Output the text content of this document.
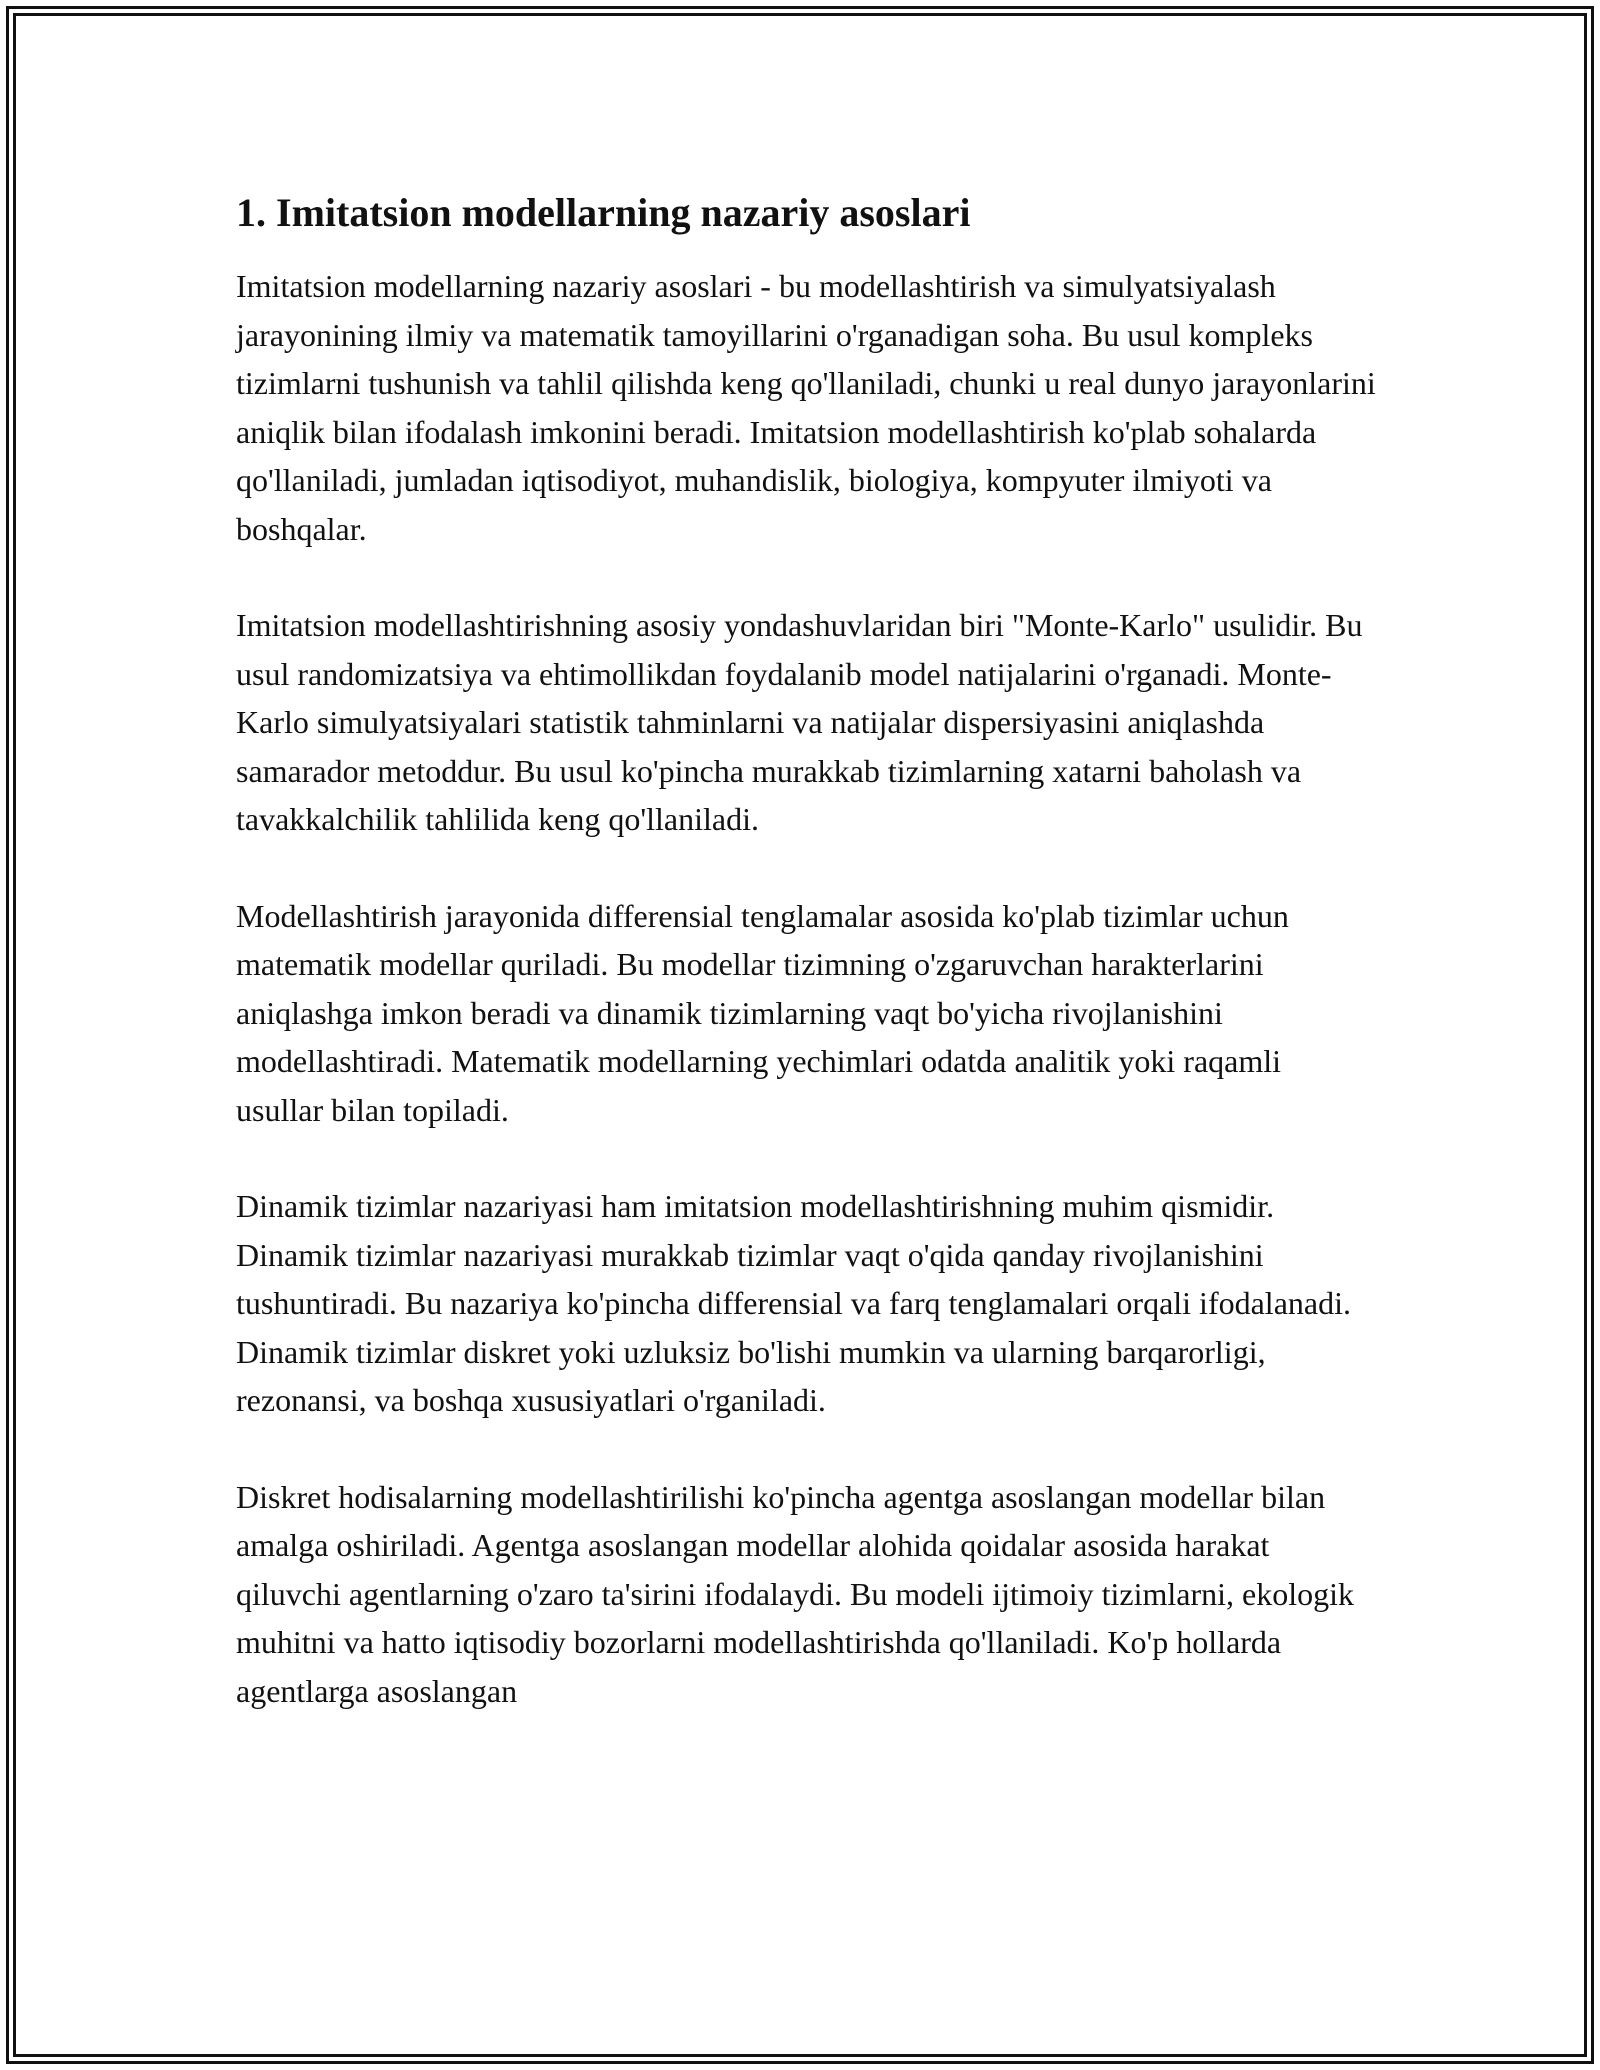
1. Imitatsion modellarning nazariy asoslari

Imitatsion modellarning nazariy asoslari - bu modellashtirish va simulyatsiyalash jarayonining ilmiy va matematik tamoyillarini o'rganadigan soha. Bu usul kompleks tizimlarni tushunish va tahlil qilishda keng qo'llaniladi, chunki u real dunyo jarayonlarini aniqlik bilan ifodalash imkonini beradi. Imitatsion modellashtirish ko'plab sohalarda qo'llaniladi, jumladan iqtisodiyot, muhandislik, biologiya, kompyuter ilmiyoti va boshqalar.

Imitatsion modellashtirishning asosiy yondashuvlaridan biri "Monte-Karlo" usulidir. Bu usul randomizatsiya va ehtimollikdan foydalanib model natijalarini o'rganadi. Monte-Karlo simulyatsiyalari statistik tahminlarni va natijalar dispersiyasini aniqlashda samarador metoddur. Bu usul ko'pincha murakkab tizimlarning xatarni baholash va tavakkalchilik tahlilida keng qo'llaniladi.

Modellashtirish jarayonida differensial tenglamalar asosida ko'plab tizimlar uchun matematik modellar quriladi. Bu modellar tizimning o'zgaruvchan harakterlarini aniqlashga imkon beradi va dinamik tizimlarning vaqt bo'yicha rivojlanishini modellashtiradi. Matematik modellarning yechimlari odatda analitik yoki raqamli usullar bilan topiladi.

Dinamik tizimlar nazariyasi ham imitatsion modellashtirishning muhim qismidir. Dinamik tizimlar nazariyasi murakkab tizimlar vaqt o'qida qanday rivojlanishini tushuntiradi. Bu nazariya ko'pincha differensial va farq tenglamalari orqali ifodalanadi. Dinamik tizimlar diskret yoki uzluksiz bo'lishi mumkin va ularning barqarorligi, rezonansi, va boshqa xususiyatlari o'rganiladi.

Diskret hodisalarning modellashtirilishi ko'pincha agentga asoslangan modellar bilan amalga oshiriladi. Agentga asoslangan modellar alohida qoidalar asosida harakat qiluvchi agentlarning o'zaro ta'sirini ifodalaydi. Bu modeli ijtimoiy tizimlarni, ekologik muhitni va hatto iqtisodiy bozorlarni modellashtirishda qo'llaniladi. Ko'p hollarda agentlarga asoslangan
